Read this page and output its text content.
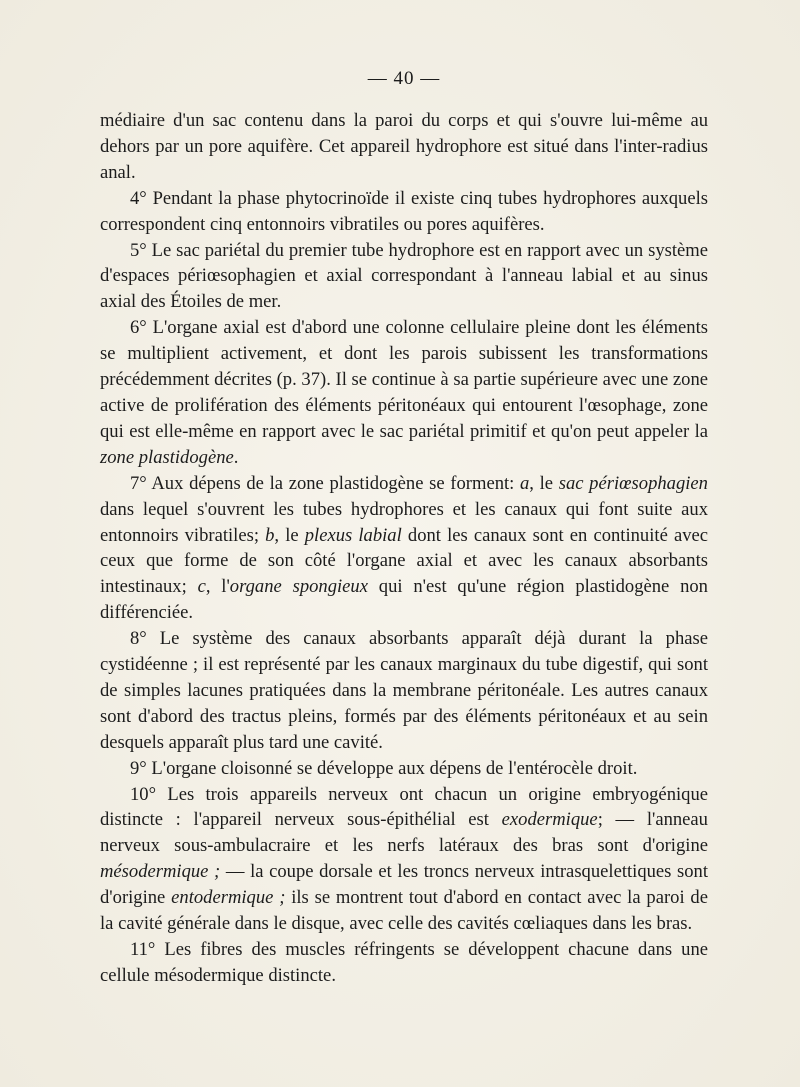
— 40 —

médiaire d'un sac contenu dans la paroi du corps et qui s'ouvre lui-même au dehors par un pore aquifère. Cet appareil hydrophore est situé dans l'inter-radius anal.

4° Pendant la phase phytocrinoïde il existe cinq tubes hydrophores auxquels correspondent cinq entonnoirs vibratiles ou pores aquifères.

5° Le sac pariétal du premier tube hydrophore est en rapport avec un système d'espaces périœsophagien et axial correspondant à l'anneau labial et au sinus axial des Étoiles de mer.

6° L'organe axial est d'abord une colonne cellulaire pleine dont les éléments se multiplient activement, et dont les parois subissent les transformations précédemment décrites (p. 37). Il se continue à sa partie supérieure avec une zone active de prolifération des éléments péritonéaux qui entourent l'œsophage, zone qui est elle-même en rapport avec le sac pariétal primitif et qu'on peut appeler la zone plastidogène.

7° Aux dépens de la zone plastidogène se forment: a, le sac périœsophagien dans lequel s'ouvrent les tubes hydrophores et les canaux qui font suite aux entonnoirs vibratiles; b, le plexus labial dont les canaux sont en continuité avec ceux que forme de son côté l'organe axial et avec les canaux absorbants intestinaux; c, l'organe spongieux qui n'est qu'une région plastidogène non différenciée.

8° Le système des canaux absorbants apparaît déjà durant la phase cystidéenne ; il est représenté par les canaux marginaux du tube digestif, qui sont de simples lacunes pratiquées dans la membrane péritonéale. Les autres canaux sont d'abord des tractus pleins, formés par des éléments péritonéaux et au sein desquels apparaît plus tard une cavité.

9° L'organe cloisonné se développe aux dépens de l'entérocèle droit.

10° Les trois appareils nerveux ont chacun un origine embryogénique distincte : l'appareil nerveux sous-épithélial est exodermique; — l'anneau nerveux sous-ambulacraire et les nerfs latéraux des bras sont d'origine mésodermique ; — la coupe dorsale et les troncs nerveux intrasquelettiques sont d'origine entodermique ; ils se montrent tout d'abord en contact avec la paroi de la cavité générale dans le disque, avec celle des cavités cœliaques dans les bras.

11° Les fibres des muscles réfringents se développent chacune dans une cellule mésodermique distincte.
